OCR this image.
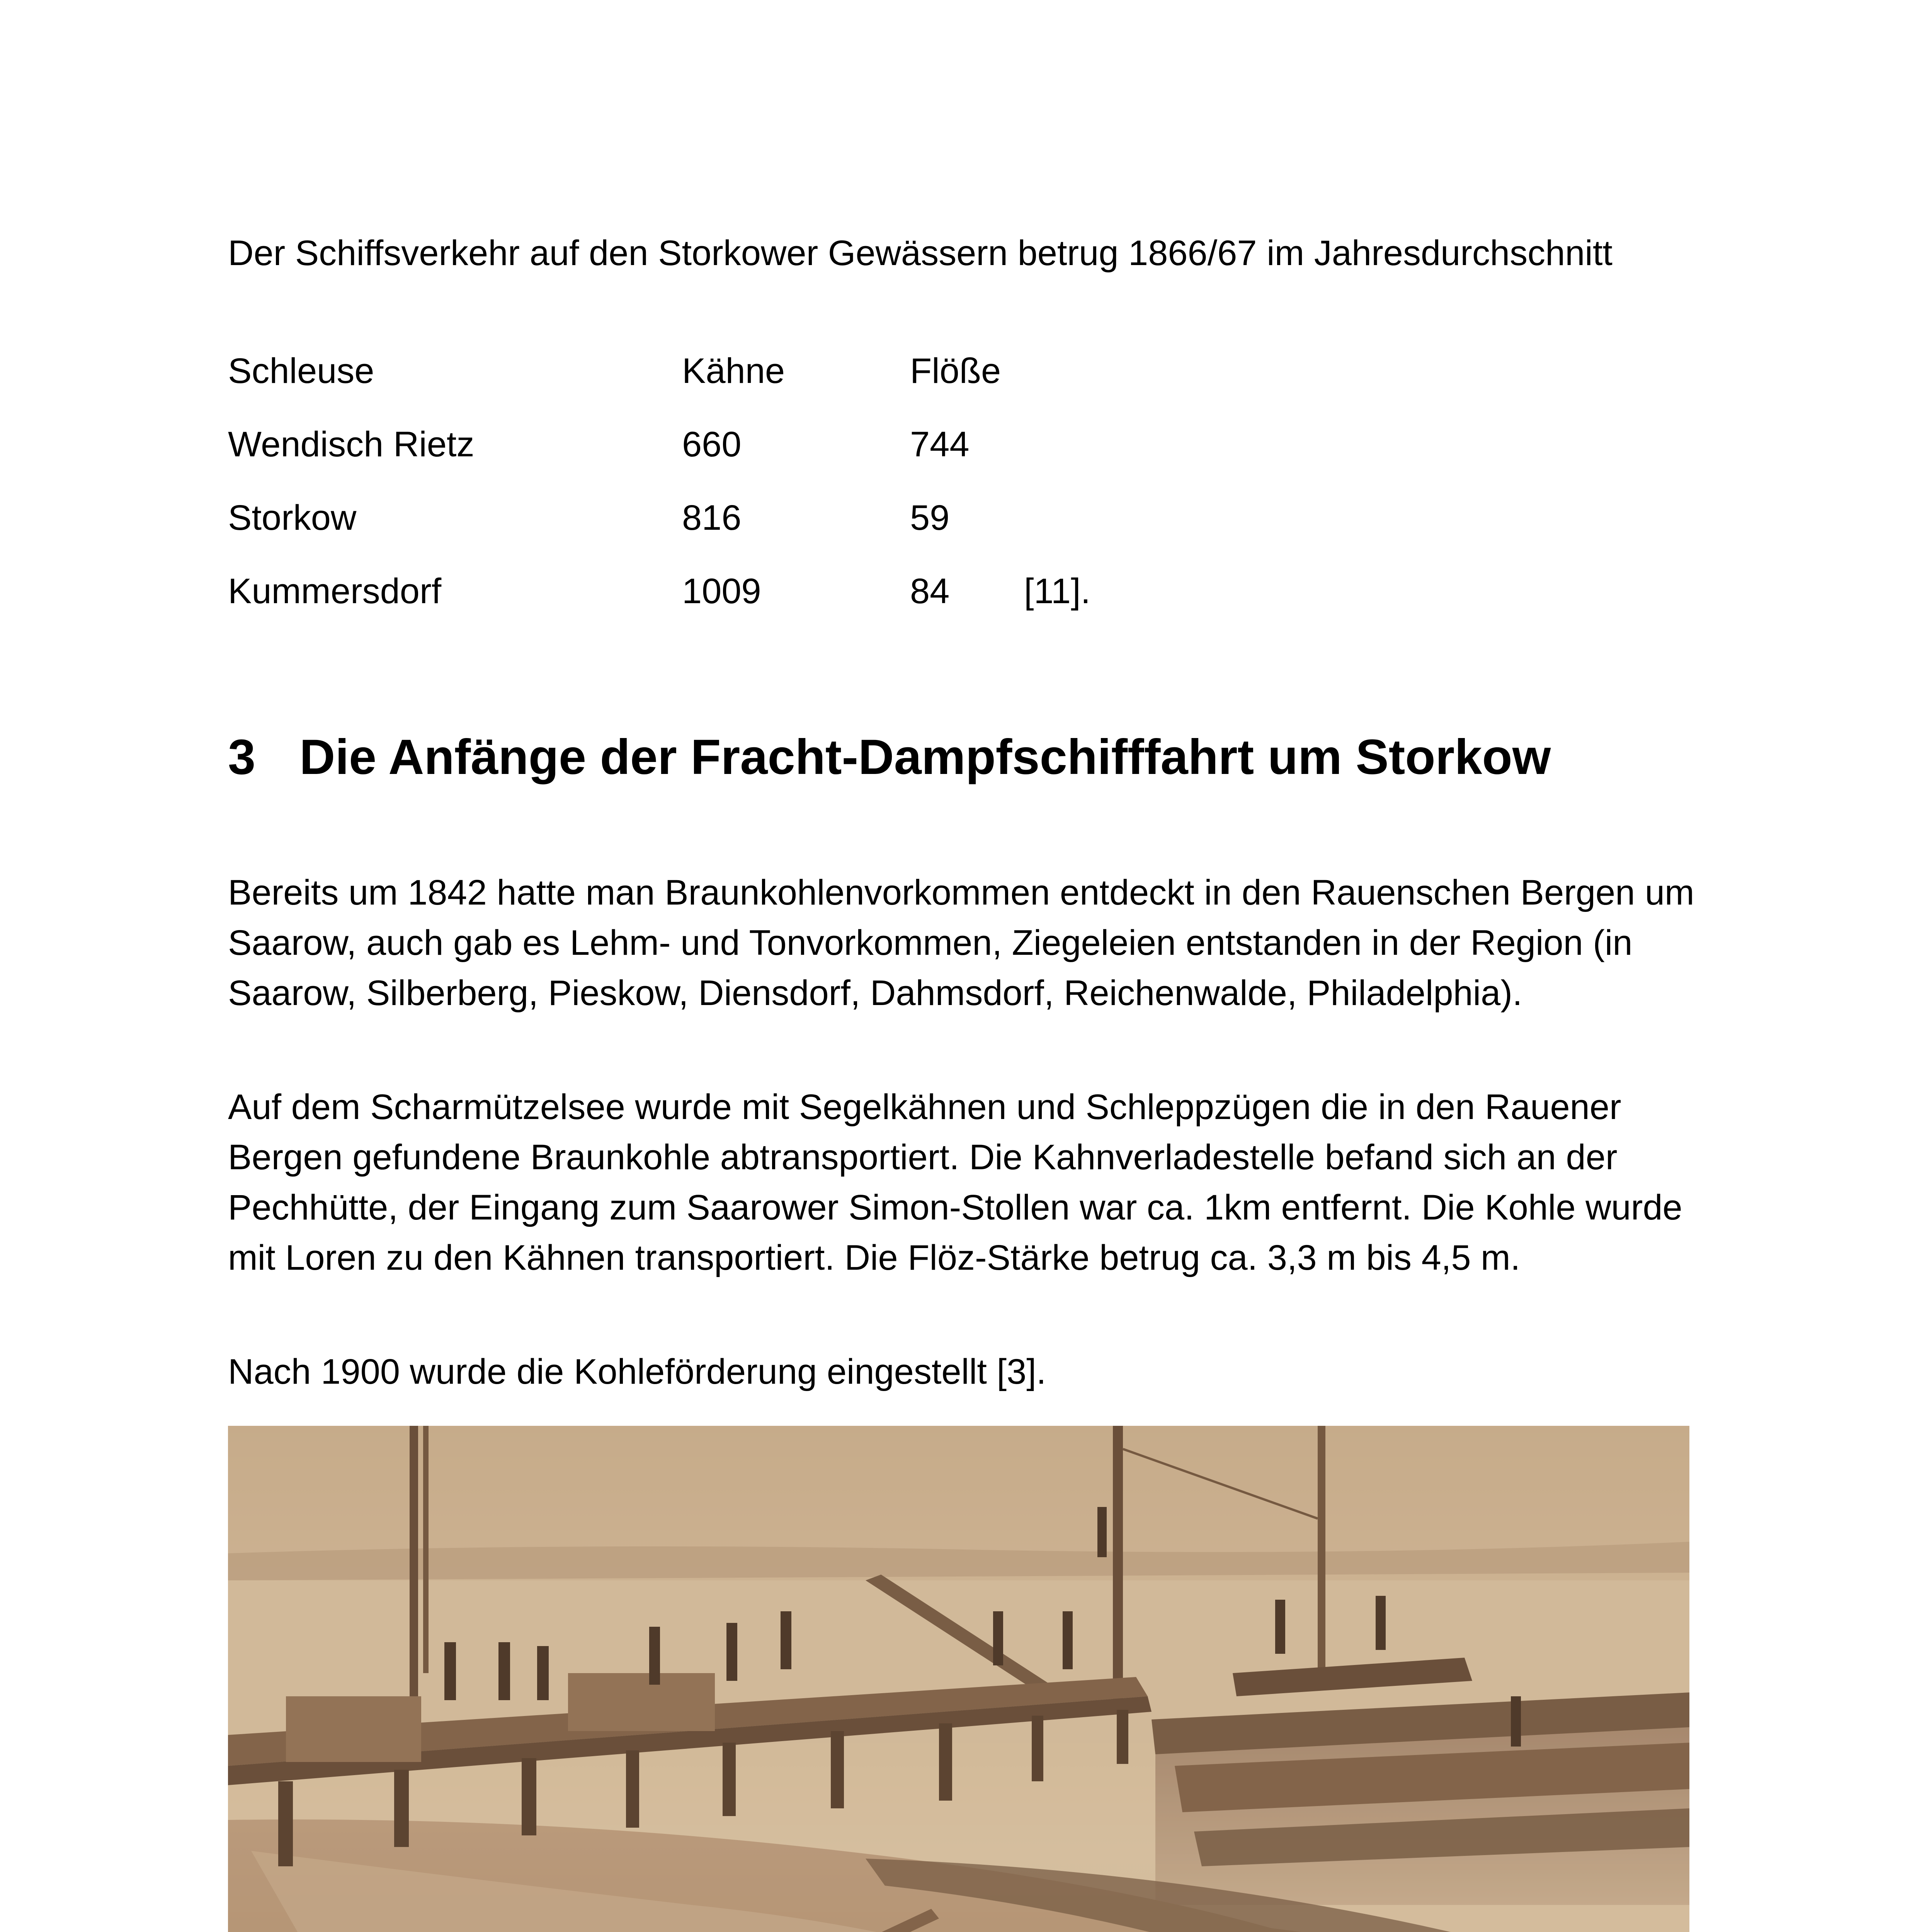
Der Schiffsverkehr auf den Storkower Gewässern betrug 1866/67 im Jahresdurchschnitt

Schleuse	Kähne	Flöße
Wendisch Rietz	660	744
Storkow	816	59
Kummersdorf	1009	84 [11].
3 Die Anfänge der Fracht-Dampfschifffahrt um Storkow

Bereits um 1842 hatte man Braunkohlenvorkommen entdeckt in den Rauenschen Bergen um Saarow, auch gab es Lehm- und Tonvorkommen, Ziegeleien entstanden in der Region (in Saarow, Silberberg, Pieskow, Diensdorf, Dahmsdorf, Reichenwalde, Philadelphia).

Auf dem Scharmützelsee wurde mit Segelkähnen und Schleppzügen die in den Rauener Bergen gefundene Braunkohle abtransportiert. Die Kahnverladestelle befand sich an der Pechhütte, der Eingang zum Saarower Simon-Stollen war ca. 1km entfernt. Die Kohle wurde mit Loren zu den Kähnen transportiert. Die Flöz-Stärke betrug ca. 3,3 m bis 4,5 m.

Nach 1900 wurde die Kohleförderung eingestellt [3].
